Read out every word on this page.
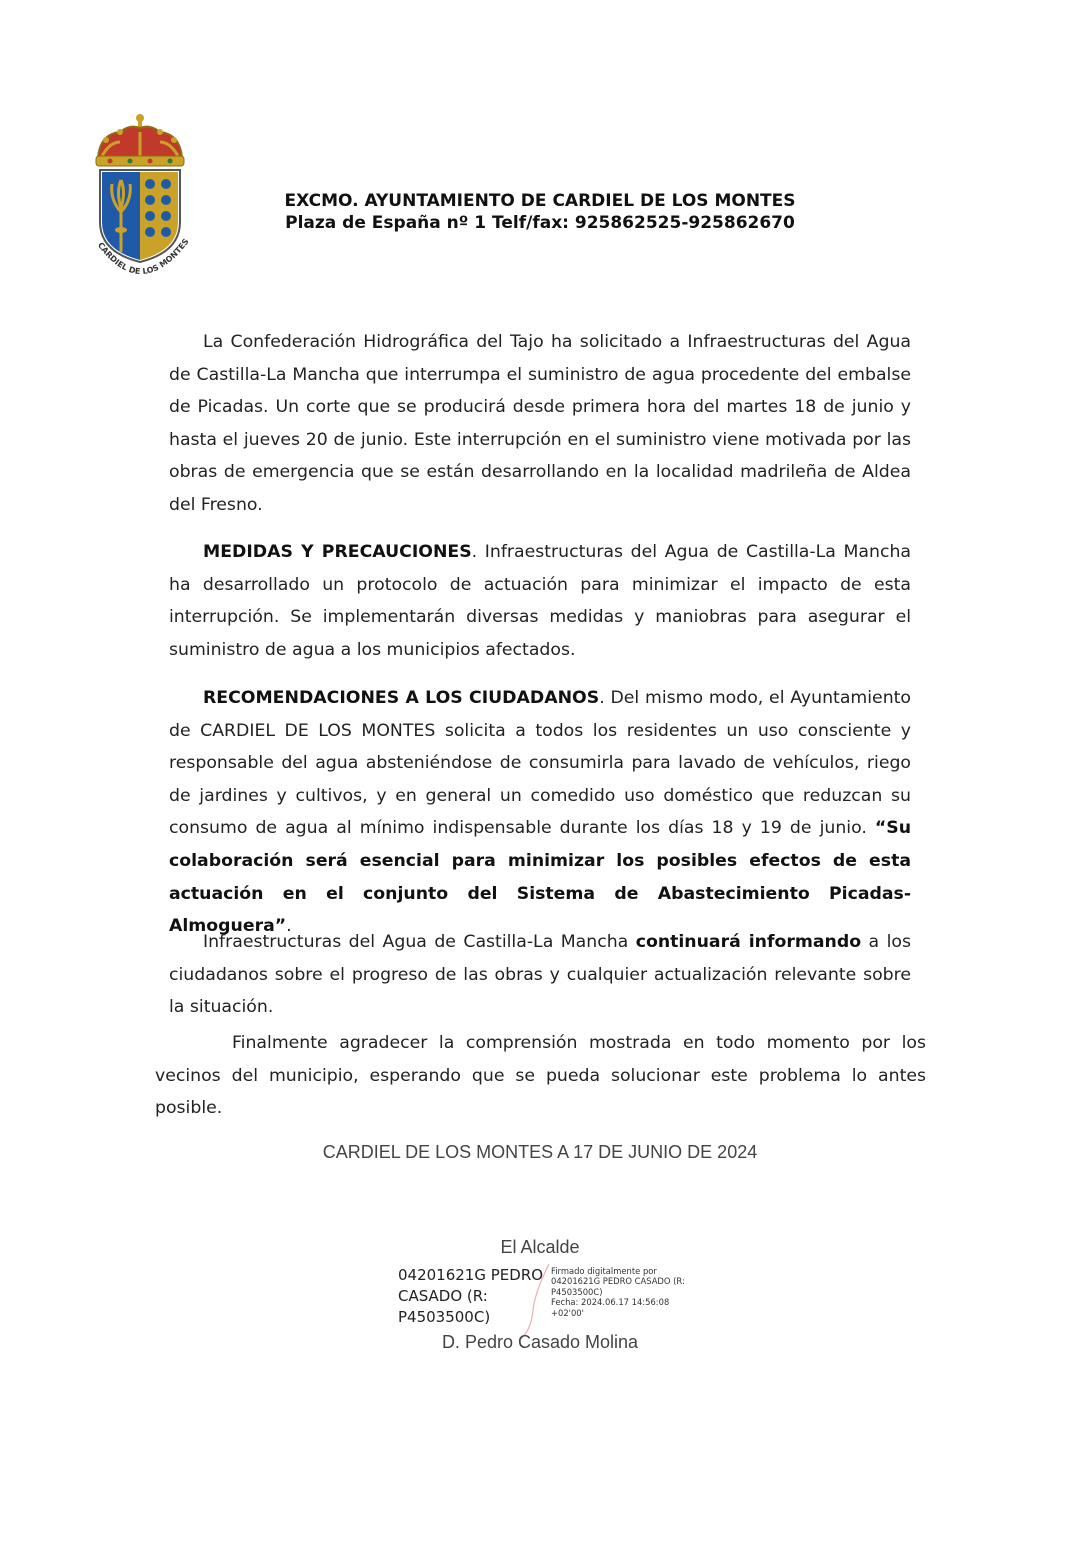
CARDIEL DE LOS MONTES
EXCMO. AYUNTAMIENTO DE CARDIEL DE LOS MONTES
Plaza de España nº 1 Telf/fax: 925862525-925862670

La Confederación Hidrográfica del Tajo ha solicitado a Infraestructuras del Agua de Castilla-La Mancha que interrumpa el suministro de agua procedente del embalse de Picadas. Un corte que se producirá desde primera hora del martes 18 de junio y hasta el jueves 20 de junio. Este interrupción en el suministro viene motivada por las obras de emergencia que se están desarrollando en la localidad madrileña de Aldea del Fresno.

MEDIDAS Y PRECAUCIONES. Infraestructuras del Agua de Castilla-La Mancha ha desarrollado un protocolo de actuación para minimizar el impacto de esta interrupción. Se implementarán diversas medidas y maniobras para asegurar el suministro de agua a los municipios afectados.

RECOMENDACIONES A LOS CIUDADANOS. Del mismo modo, el Ayuntamiento de CARDIEL DE LOS MONTES solicita a todos los residentes un uso consciente y responsable del agua absteniéndose de consumirla para lavado de vehículos, riego de jardines y cultivos, y en general un comedido uso doméstico que reduzcan su consumo de agua al mínimo indispensable durante los días 18 y 19 de junio. “Su colaboración será esencial para minimizar los posibles efectos de esta actuación en el conjunto del Sistema de Abastecimiento Picadas- Almoguera”.

Infraestructuras del Agua de Castilla-La Mancha continuará informando a los ciudadanos sobre el progreso de las obras y cualquier actualización relevante sobre la situación.

Finalmente agradecer la comprensión mostrada en todo momento por los vecinos del municipio, esperando que se pueda solucionar este problema lo antes posible.

CARDIEL DE LOS MONTES A 17 DE JUNIO DE 2024
El Alcalde
04201621G PEDRO
CASADO (R:
P4503500C)
Firmado digitalmente por
04201621G PEDRO CASADO (R:
P4503500C)
Fecha: 2024.06.17 14:56:08
+02'00'
D. Pedro Casado Molina
